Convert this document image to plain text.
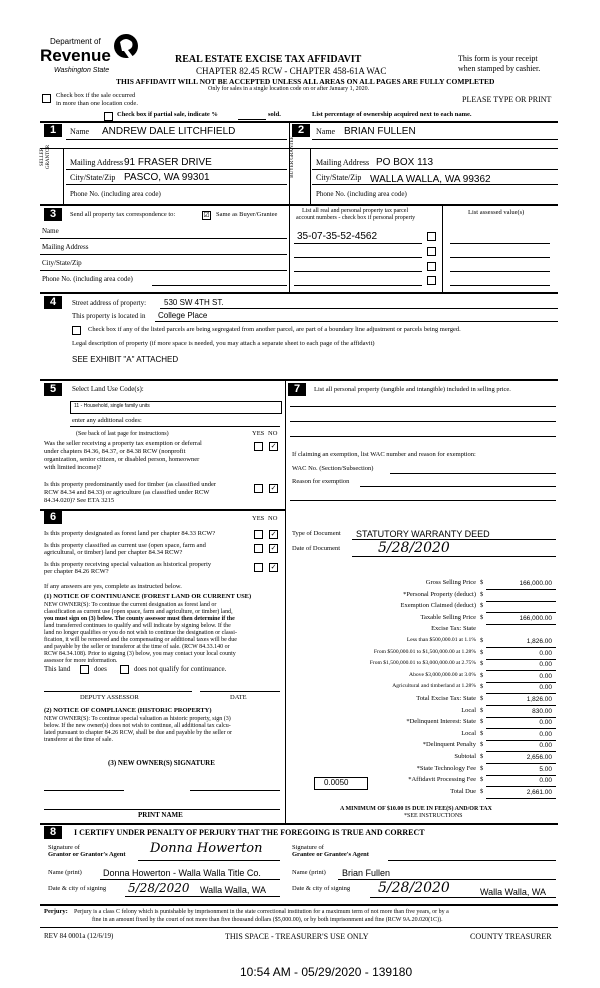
Department of
Revenue
Washington State
REAL ESTATE EXCISE TAX AFFIDAVIT
CHAPTER 82.45 RCW - CHAPTER 458-61A WAC
This form is your receipt
when stamped by cashier.
THIS AFFIDAVIT WILL NOT BE ACCEPTED UNLESS ALL AREAS ON ALL PAGES ARE FULLY COMPLETED
Only for sales in a single location code on or after January 1, 2020.
Check box if the sale occurred
in more than one location code.	PLEASE TYPE OR PRINT
Check box if partial sale, indicate %	sold.	List percentage of ownership acquired next to each name.
1	Name ANDREW DALE LITCHFIELD
SELLER GRANTOR Mailing Address 91 FRASER DRIVE
City/State/Zip PASCO, WA 99301
Phone No. (including area code)
2	Name BRIAN FULLEN
BUYER GRANTEE	Mailing Address PO BOX 113
City/State/Zip WALLA WALLA, WA 99362
Phone No. (including area code)
3	Send all property tax correspondence to:	☑ Same as Buyer/Grantee	List all real and personal property tax parcel
account numbers - check box if personal property
List assessed value(s)
Name
Mailing Address
City/State/Zip
Phone No. (including area code)
35-07-35-52-4562
4	Street address of property: 530 SW 4TH ST.
This property is located in College Place
Check box if any of the listed parcels are being segregated from another parcel, are part of a boundary line adjustment or parcels being merged.
Legal description of property (if more space is needed, you may attach a separate sheet to each page of the affidavit)
SEE EXHIBIT "A" ATTACHED
5	Select Land Use Code(s):
11 - Household, single family units
enter any additional codes:
(See back of last page for instructions)	YES NO
Was the seller receiving a property tax exemption or deferral
under chapters 84.36, 84.37, or 84.38 RCW (nonprofit
organization, senior citizen, or disabled person, homeowner
with limited income)?
✓
Is this property predominantly used for timber (as classified under
RCW 84.34 and 84.33) or agriculture (as classified under RCW
84.34.020)? See ETA 3215
✓
7	List all personal property (tangible and intangible) included in selling price.
If claiming an exemption, list WAC number and reason for exemption:
WAC No. (Section/Subsection)
Reason for exemption
6	YES NO
Is this property designated as forest land per chapter 84.33 RCW?	✓
Is this property classified as current use (open space, farm and
agricultural, or timber) land per chapter 84.34 RCW?
✓
Is this property receiving special valuation as historical property
per chapter 84.26 RCW?
✓
If any answers are yes, complete as instructed below.
(1) NOTICE OF CONTINUANCE (FOREST LAND OR CURRENT USE)
NEW OWNER(S): To continue the current designation as forest land or
classification as current use (open space, farm and agriculture, or timber) land,
you must sign on (3) below. The county assessor must then determine if the
land transferred continues to qualify and will indicate by signing below. If the
land no longer qualifies or you do not wish to continue the designation or classi-
fication, it will be removed and the compensating or additional taxes will be due
and payable by the seller or transferor at the time of sale. (RCW 84.33.140 or
RCW 84.34.108). Prior to signing (3) below, you may contact your local county
assessor for more information.
This land	does	does not qualify for continuance.
DEPUTY ASSESSOR	DATE
(2) NOTICE OF COMPLIANCE (HISTORIC PROPERTY)
NEW OWNER(S): To continue special valuation as historic property, sign (3)
below. If the new owner(s) does not wish to continue, all additional tax calcu-
lated pursuant to chapter 84.26 RCW, shall be due and payable by the seller or
transferor at the time of sale.
(3) NEW OWNER(S) SIGNATURE
PRINT NAME
Type of Document STATUTORY WARRANTY DEED
Date of Document	5/28/2020
Gross Selling Price $	166,000.00
*Personal Property (deduct) $
Exemption Claimed (deduct) $
Taxable Selling Price $	166,000.00
Excise Tax: State
Less than $500,000.01 at 1.1% $	1,826.00
From $500,000.01 to $1,500,000.00 at 1.28% $	0.00
From $1,500,000.01 to $3,000,000.00 at 2.75% $	0.00
Above $3,000,000.00 at 3.0% $	0.00
Agricultural and timberland at 1.28% $	0.00
Total Excise Tax: State $	1,826.00
Local $	830.00
*Delinquent Interest: State $	0.00
Local $	0.00
*Delinquent Penalty $	0.00
Subtotal $	2,656.00
*State Technology Fee $	5.00
*Affidavit Processing Fee $	0.00
Total Due $	2,661.00
0.0050
A MINIMUM OF $10.00 IS DUE IN FEE(S) AND/OR TAX
*SEE INSTRUCTIONS
8	I CERTIFY UNDER PENALTY OF PERJURY THAT THE FOREGOING IS TRUE AND CORRECT
Signature of
Grantor or Grantor's Agent Donna Howerton	Signature of
Grantee or Grantee's Agent
Name (print) Donna Howerton - Walla Walla Title Co.	Name (print) Brian Fullen
Date & city of signing 5/28/2020 Walla Walla, WA	Date & city of signing 5/28/2020	Walla Walla, WA
Perjury: Perjury is a class C felony which is punishable by imprisonment in the state correctional institution for a maximum term of not more than five years, or by a
fine in an amount fixed by the court of not more than five thousand dollars ($5,000.00), or by both imprisonment and fine (RCW 9A.20.020(1C)).
REV 84 0001a (12/6/19)	THIS SPACE - TREASURER'S USE ONLY	COUNTY TREASURER
10:54 AM - 05/29/2020 - 139180
